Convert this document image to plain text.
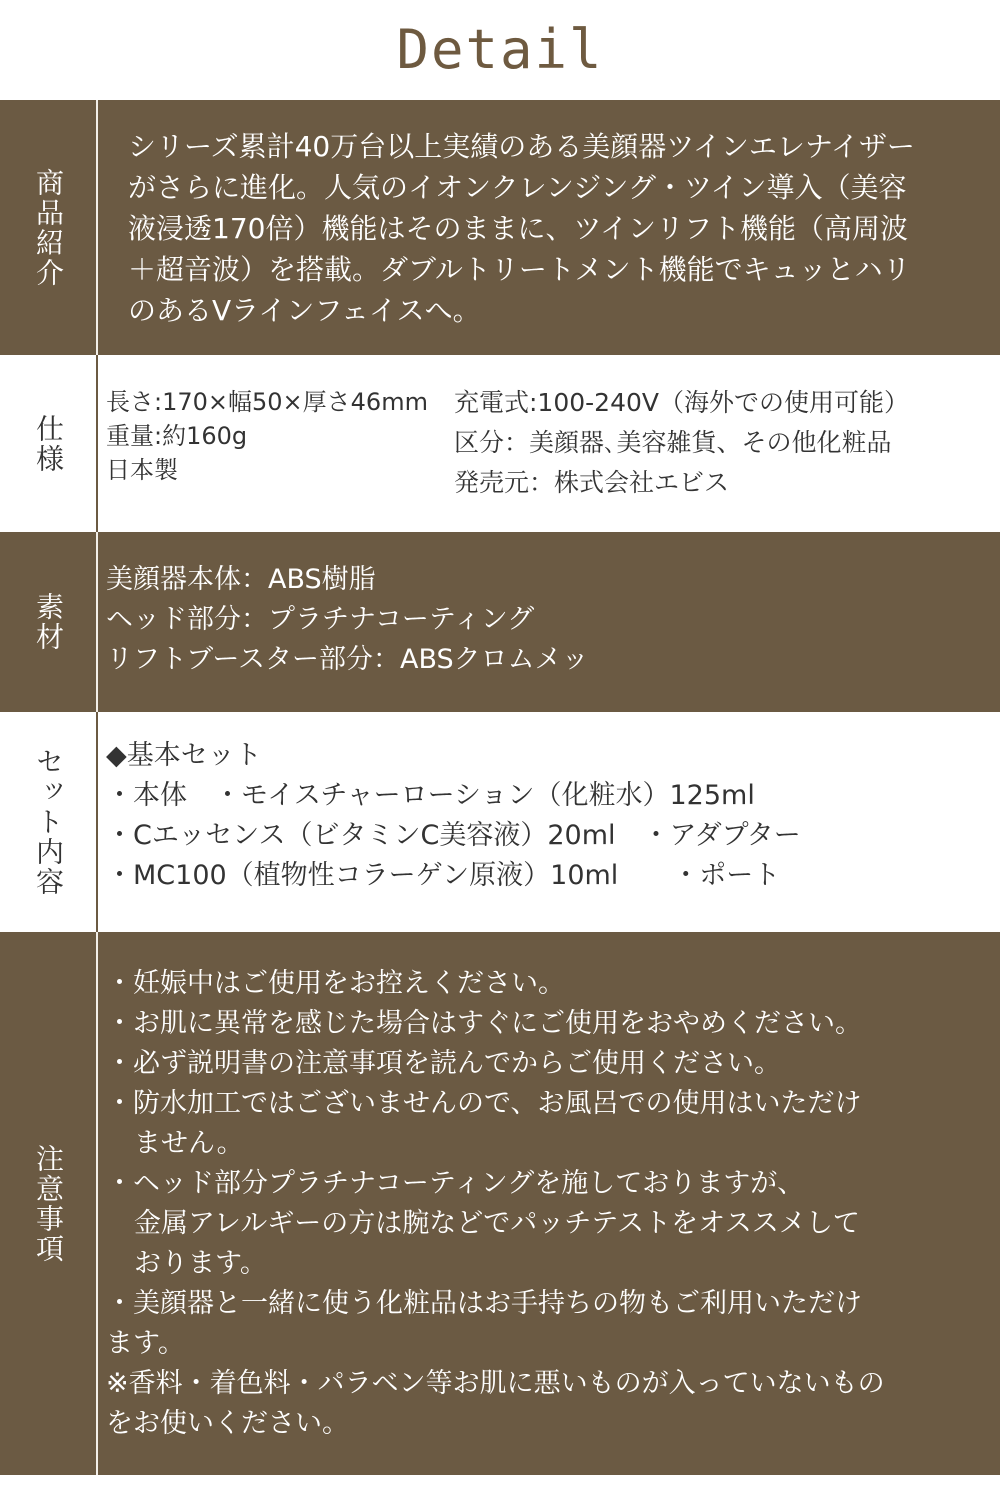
Detail
商品紹介
シリーズ累計40万台以上実績のある美顔器ツインエレナイザー
がさらに進化。人気のイオンクレンジング・ツイン導入（美容
液浸透170倍）機能はそのままに、ツインリフト機能（高周波
＋超音波）を搭載。ダブルトリートメント機能でキュッとハリ
のあるVラインフェイスへ。
仕様
長さ:170×幅50×厚さ46mm
重量:約160g
日本製
充電式:100-240V（海外での使用可能）
区分：美顔器､美容雑貨、その他化粧品
発売元：株式会社エビス
素材
美顔器本体：ABS樹脂
ヘッド部分：プラチナコーティング
リフトブースター部分：ABSクロムメッ
セット内容 ◆基本セット
・本体　・モイスチャーローション（化粧水）125ml
・Cエッセンス（ビタミンC美容液）20ml　・アダプター
・MC100（植物性コラーゲン原液）10ml　　・ポート
注意事項
・妊娠中はご使用をお控えください。
・お肌に異常を感じた場合はすぐにご使用をおやめください。
・必ず説明書の注意事項を読んでからご使用ください。
・防水加工ではございませんので、お風呂での使用はいただけ
ません。
・ヘッド部分プラチナコーティングを施しておりますが、
金属アレルギーの方は腕などでパッチテストをオススメして
おります。
・美顔器と一緒に使う化粧品はお手持ちの物もご利用いただけ
ます。
※香料・着色料・パラベン等お肌に悪いものが入っていないもの
をお使いください。
